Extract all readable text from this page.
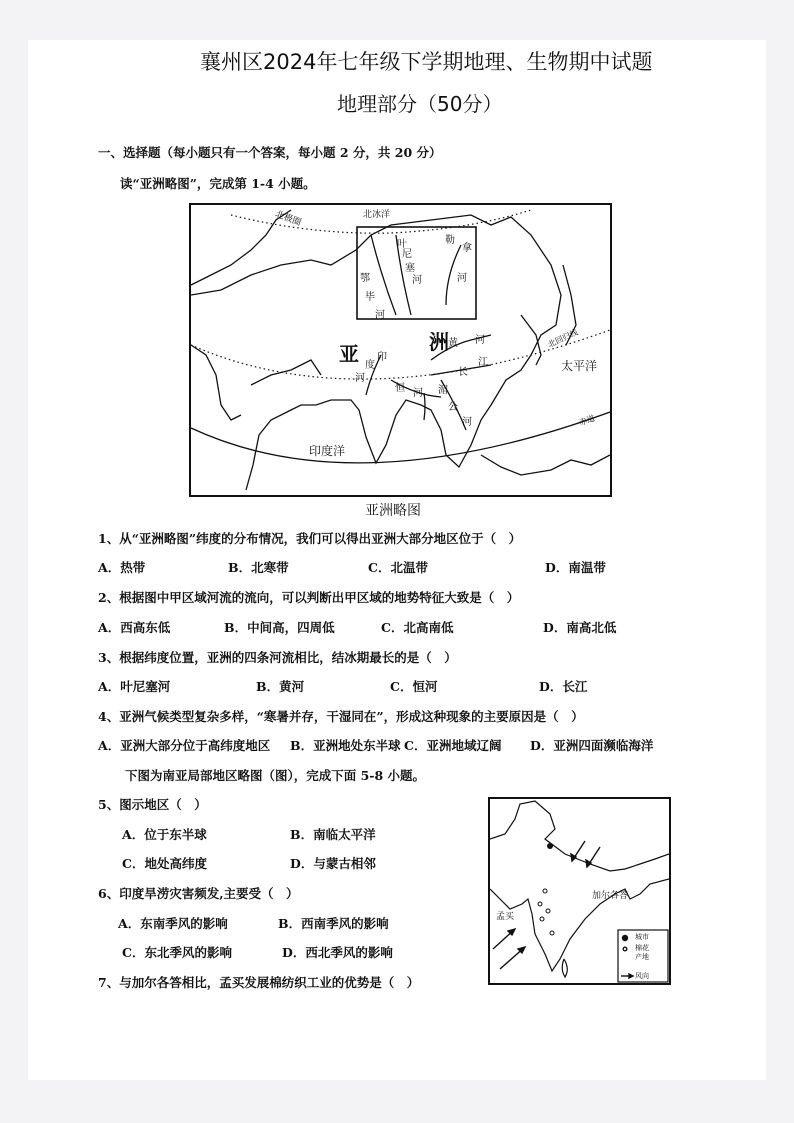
襄州区2024年七年级下学期地理、生物期中试题
地理部分（50分）
一、选择题（每小题只有一个答案，每小题 2 分，共 20 分）
读“亚洲略图”，完成第 1-4 小题。
北冰洋
北极圈
叶
尼
塞
河
勒
拿
河
鄂
毕
河
亚	洲 黄 河
长
江
印
度
河
恒 河 湄
公
河
北回归线
太平洋
赤道
印度洋
亚洲略图
1、从“亚洲略图”纬度的分布情况，我们可以得出亚洲大部分地区位于（　）
A．热带	B．北寒带	C．北温带	D．南温带
2、根据图中甲区域河流的流向，可以判断出甲区域的地势特征大致是（　）
A．西高东低	B．中间高，四周低	C．北高南低	D．南高北低
3、根据纬度位置，亚洲的四条河流相比，结冰期最长的是（　）
A．叶尼塞河	B．黄河	C．恒河	D．长江
4、亚洲气候类型复杂多样，“寒暑并存，干湿同在”，形成这种现象的主要原因是（　）
A．亚洲大部分位于高纬度地区 B．亚洲地处东半球 C．亚洲地域辽阔 D．亚洲四面濒临海洋
下图为南亚局部地区略图（图），完成下面 5-8 小题。
5、图示地区（　）
A．位于东半球	B．南临太平洋
C．地处高纬度	D．与蒙古相邻
6、印度旱涝灾害频发,主要受（　）
A．东南季风的影响	B．西南季风的影响
C．东北季风的影响	D．西北季风的影响
7、与加尔各答相比，孟买发展棉纺织工业的优势是（　）
加尔各答
孟买
城市
棉花产地
风向
